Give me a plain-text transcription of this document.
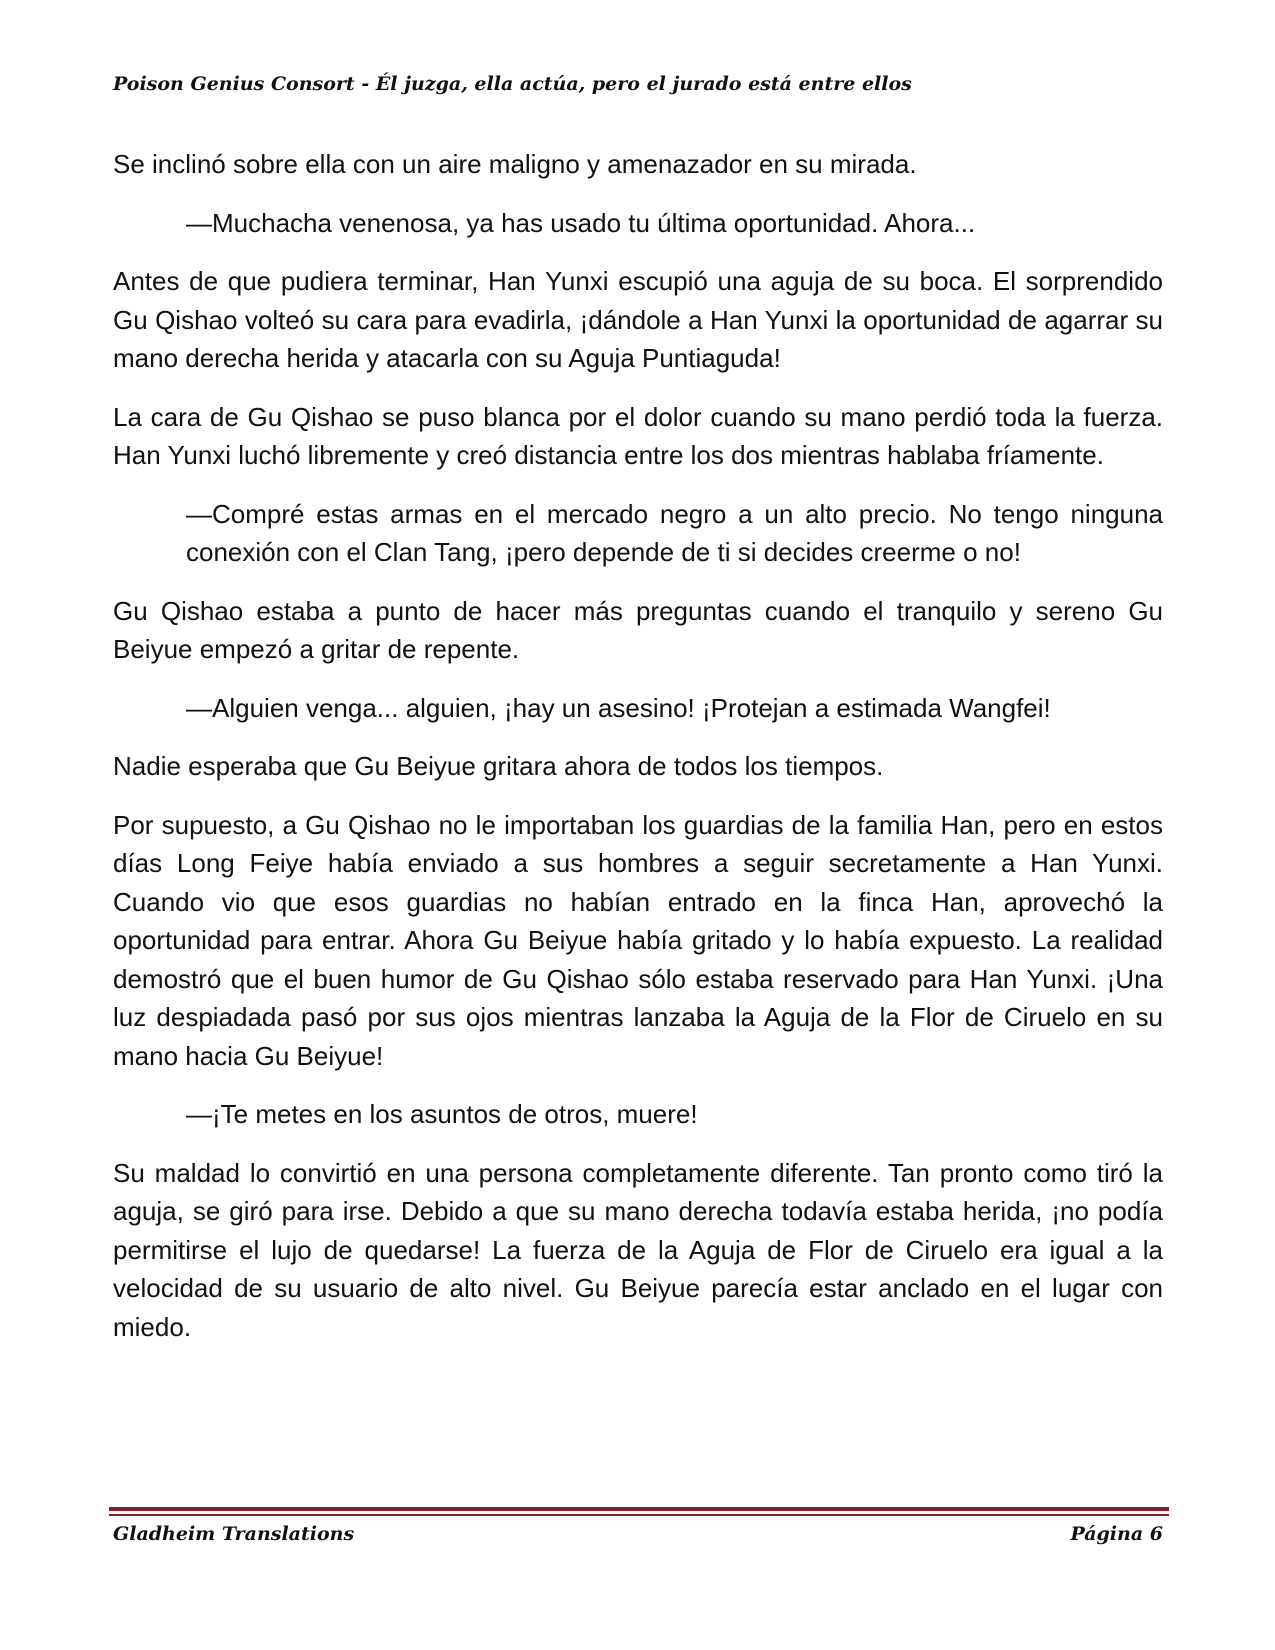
Poison Genius Consort - Él juzga, ella actúa, pero el jurado está entre ellos

Se inclinó sobre ella con un aire maligno y amenazador en su mirada.

—Muchacha venenosa, ya has usado tu última oportunidad. Ahora...

Antes de que pudiera terminar, Han Yunxi escupió una aguja de su boca. El sorprendido Gu Qishao volteó su cara para evadirla, ¡dándole a Han Yunxi la oportunidad de agarrar su mano derecha herida y atacarla con su Aguja Puntiaguda!

La cara de Gu Qishao se puso blanca por el dolor cuando su mano perdió toda la fuerza. Han Yunxi luchó libremente y creó distancia entre los dos mientras hablaba fríamente.

—Compré estas armas en el mercado negro a un alto precio. No tengo ninguna conexión con el Clan Tang, ¡pero depende de ti si decides creerme o no!

Gu Qishao estaba a punto de hacer más preguntas cuando el tranquilo y sereno Gu Beiyue empezó a gritar de repente.

—Alguien venga... alguien, ¡hay un asesino! ¡Protejan a estimada Wangfei!

Nadie esperaba que Gu Beiyue gritara ahora de todos los tiempos.

Por supuesto, a Gu Qishao no le importaban los guardias de la familia Han, pero en estos días Long Feiye había enviado a sus hombres a seguir secretamente a Han Yunxi. Cuando vio que esos guardias no habían entrado en la finca Han, aprovechó la oportunidad para entrar. Ahora Gu Beiyue había gritado y lo había expuesto. La realidad demostró que el buen humor de Gu Qishao sólo estaba reservado para Han Yunxi. ¡Una luz despiadada pasó por sus ojos mientras lanzaba la Aguja de la Flor de Ciruelo en su mano hacia Gu Beiyue!

—¡Te metes en los asuntos de otros, muere!

Su maldad lo convirtió en una persona completamente diferente. Tan pronto como tiró la aguja, se giró para irse. Debido a que su mano derecha todavía estaba herida, ¡no podía permitirse el lujo de quedarse! La fuerza de la Aguja de Flor de Ciruelo era igual a la velocidad de su usuario de alto nivel. Gu Beiyue parecía estar anclado en el lugar con miedo.

Gladheim Translations	Página 6
